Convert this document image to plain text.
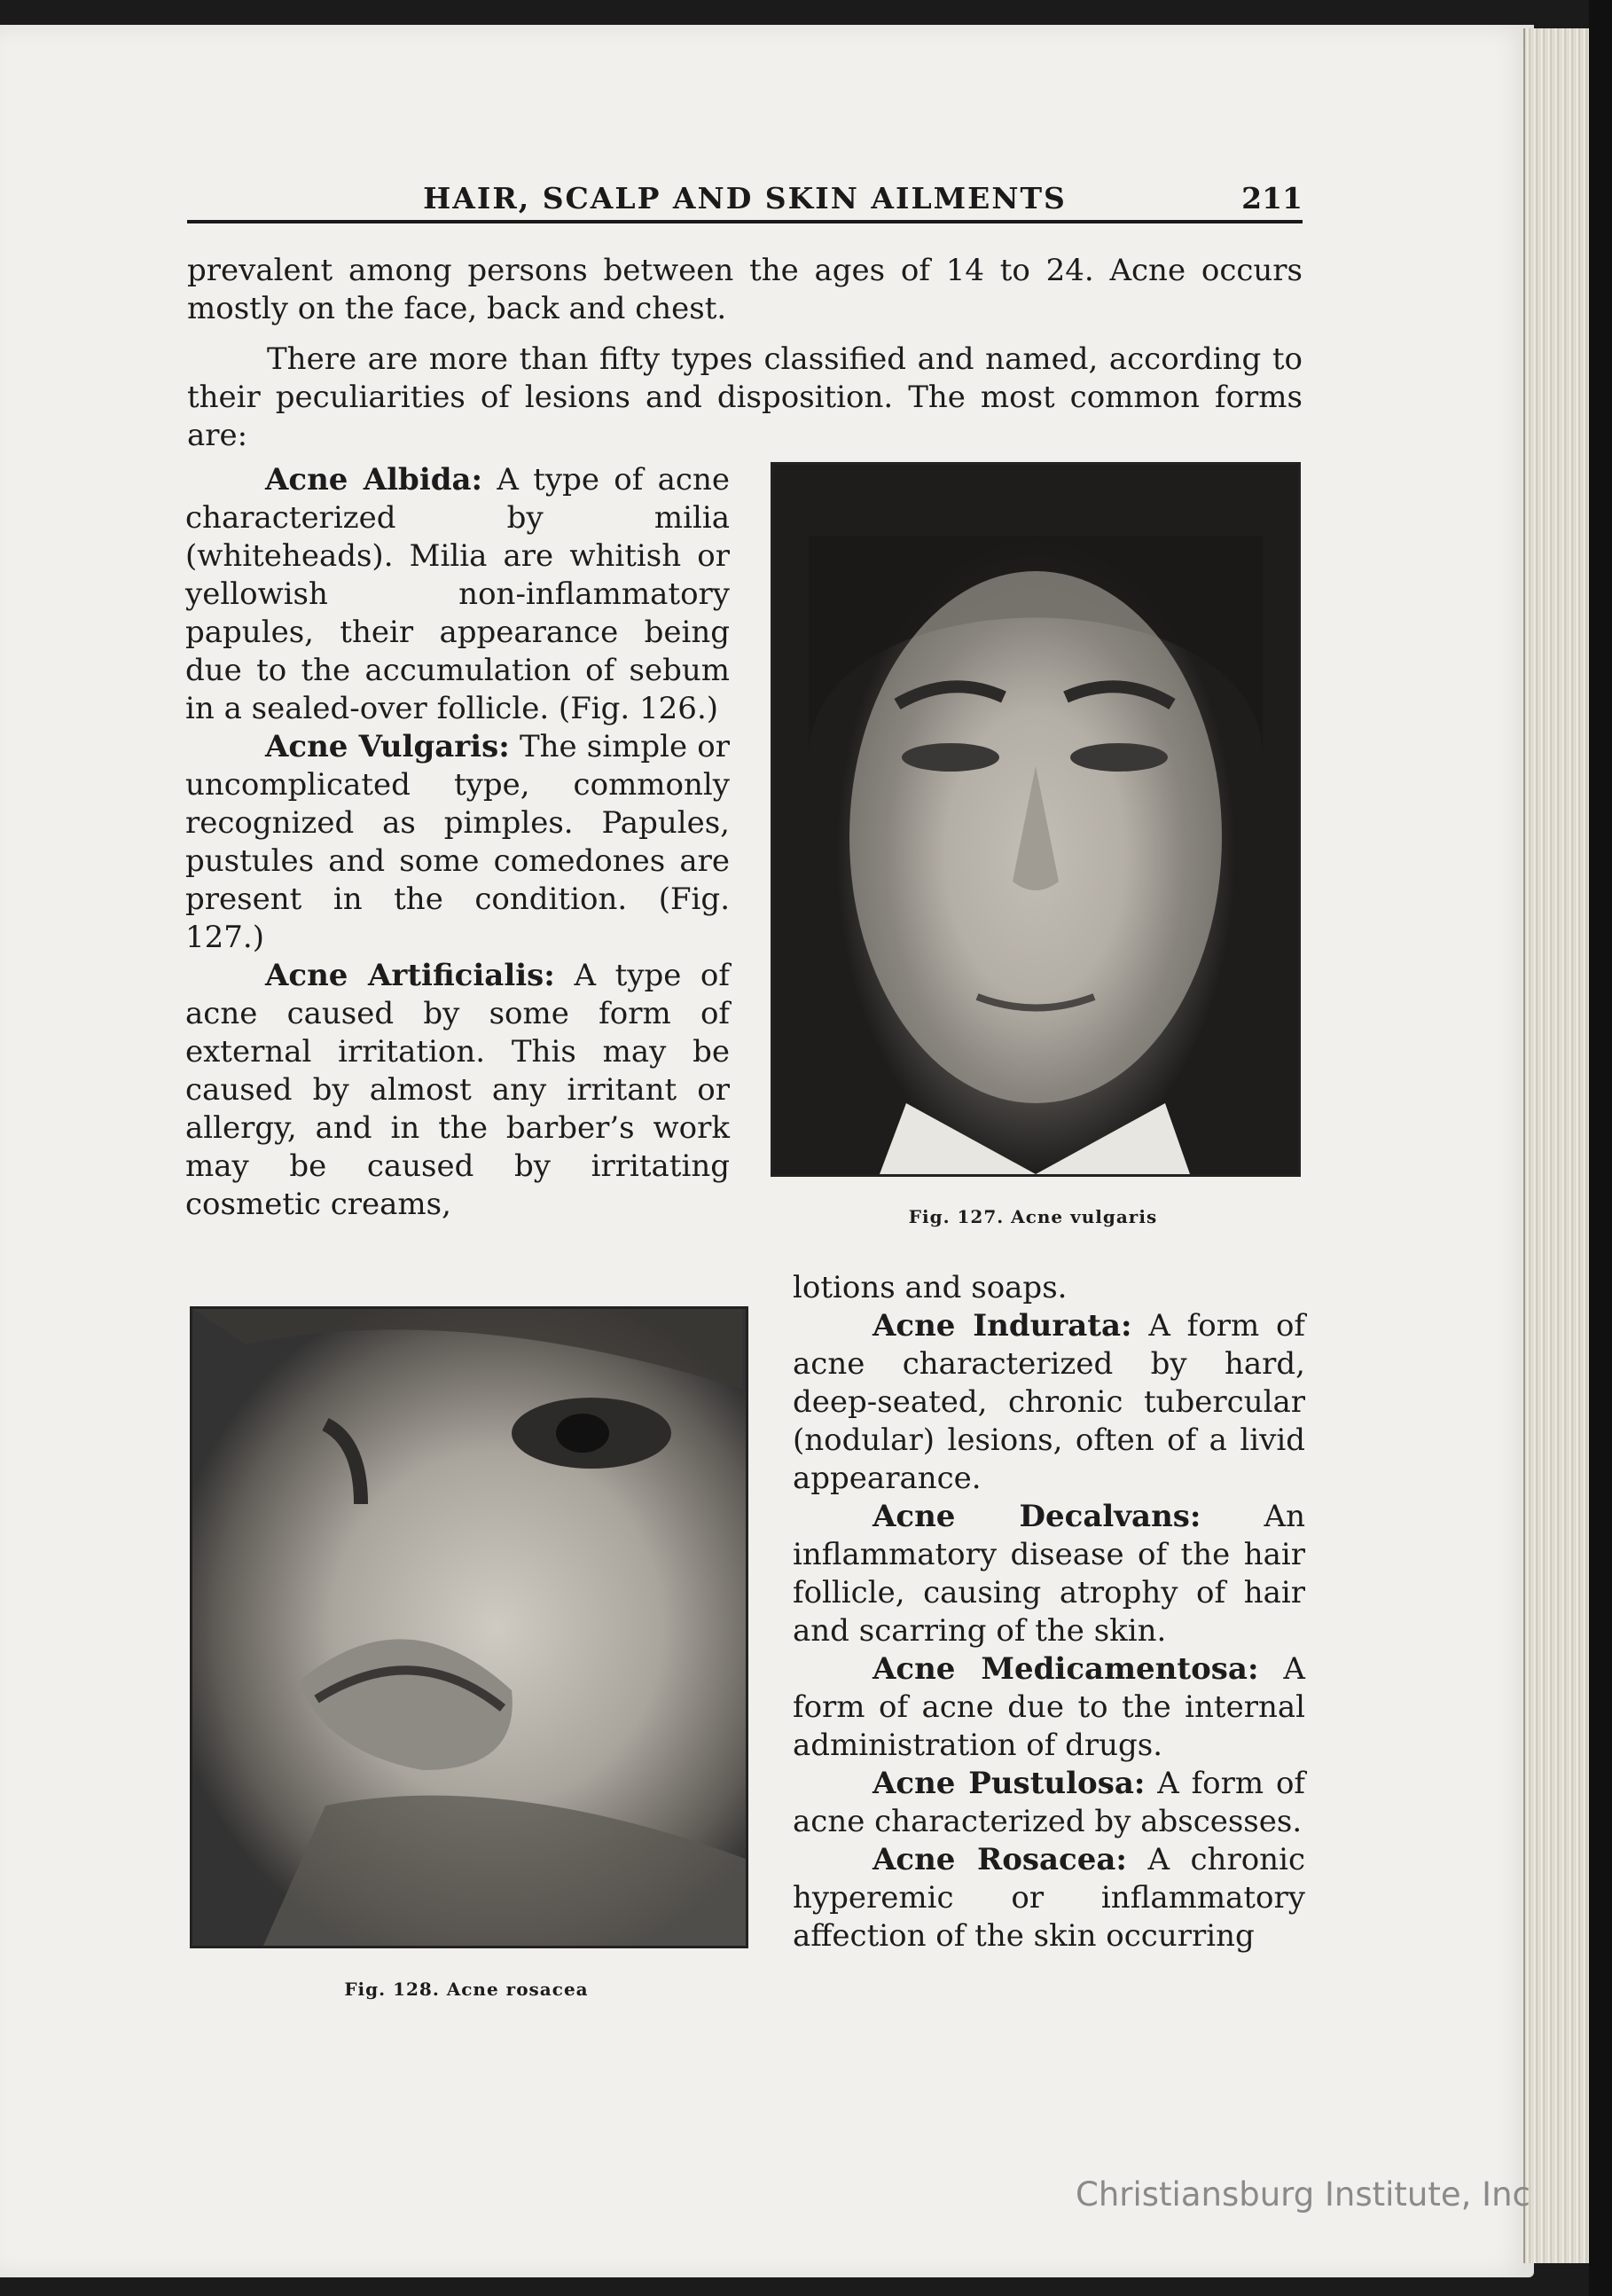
HAIR, SCALP AND SKIN AILMENTS	211

prevalent among persons between the ages of 14 to 24. Acne occurs mostly on the face, back and chest.

There are more than fifty types classified and named, according to their peculiarities of lesions and disposition. The most common forms are:

Acne Albida: A type of acne characterized by milia (whiteheads). Milia are whitish or yellowish non-inflammatory papules, their appearance being due to the accumulation of sebum in a sealed-over follicle. (Fig. 126.)

Acne Vulgaris: The simple or uncomplicated type, commonly recognized as pimples. Papules, pustules and some comedones are present in the condition. (Fig. 127.)

Acne Artificialis: A type of acne caused by some form of external irritation. This may be caused by almost any irritant or allergy, and in the barber’s work may be caused by irritating cosmetic creams,	Fig. 127. Acne vulgaris
Fig. 128. Acne rosacea

lotions and soaps.

Acne Indurata: A form of acne characterized by hard, deep-seated, chronic tubercular (nodular) lesions, often of a livid appearance.

Acne Decalvans: An inflammatory disease of the hair follicle, causing atrophy of hair and scarring of the skin.

Acne Medicamentosa: A form of acne due to the internal administration of drugs.

Acne Pustulosa: A form of acne characterized by abscesses.

Acne Rosacea: A chronic hyperemic or inflammatory affection of the skin occurring

Christiansburg Institute, Inc
